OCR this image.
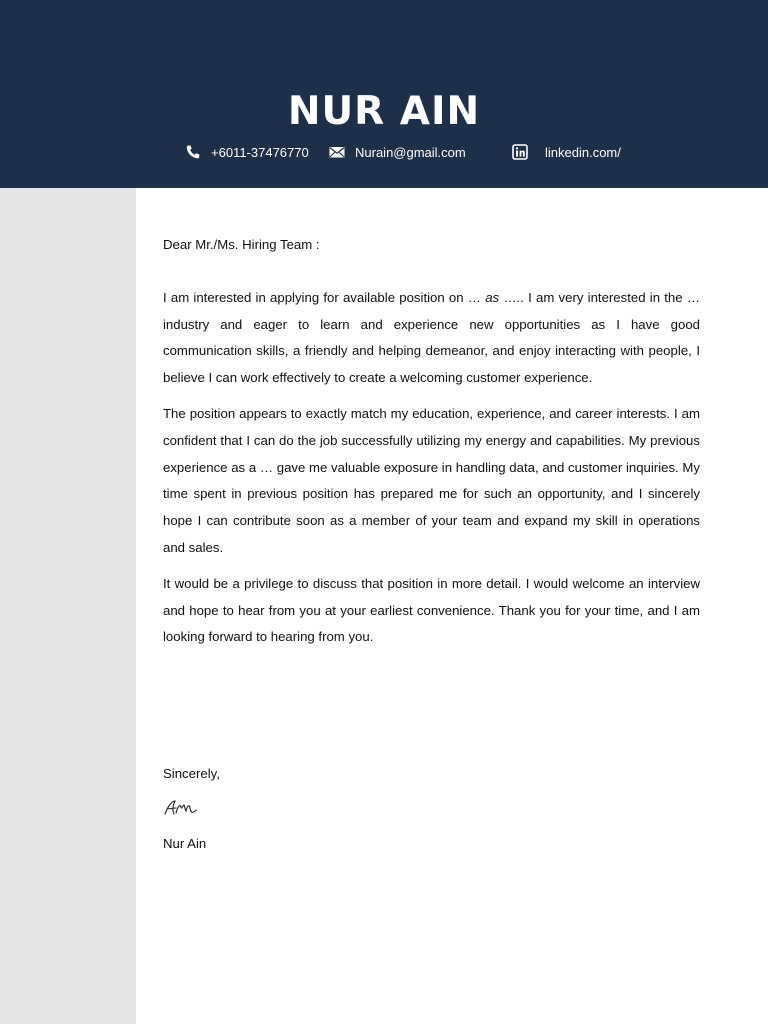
NUR AIN
+6011-37476770	Nurain@gmail.com	linkedin.com/

Dear Mr./Ms. Hiring Team :

I am interested in applying for available position on … as ….. I am very interested in the … industry and eager to learn and experience new opportunities as I have good communication skills, a friendly and helping demeanor, and enjoy interacting with people, I believe I can work effectively to create a welcoming customer experience.

The position appears to exactly match my education, experience, and career interests. I am confident that I can do the job successfully utilizing my energy and capabilities. My previous experience as a … gave me valuable exposure in handling data, and customer inquiries. My time spent in previous position has prepared me for such an opportunity, and I sincerely hope I can contribute soon as a member of your team and expand my skill in operations and sales.

It would be a privilege to discuss that position in more detail. I would welcome an interview and hope to hear from you at your earliest convenience. Thank you for your time, and I am looking forward to hearing from you.

Sincerely,
Nur Ain
